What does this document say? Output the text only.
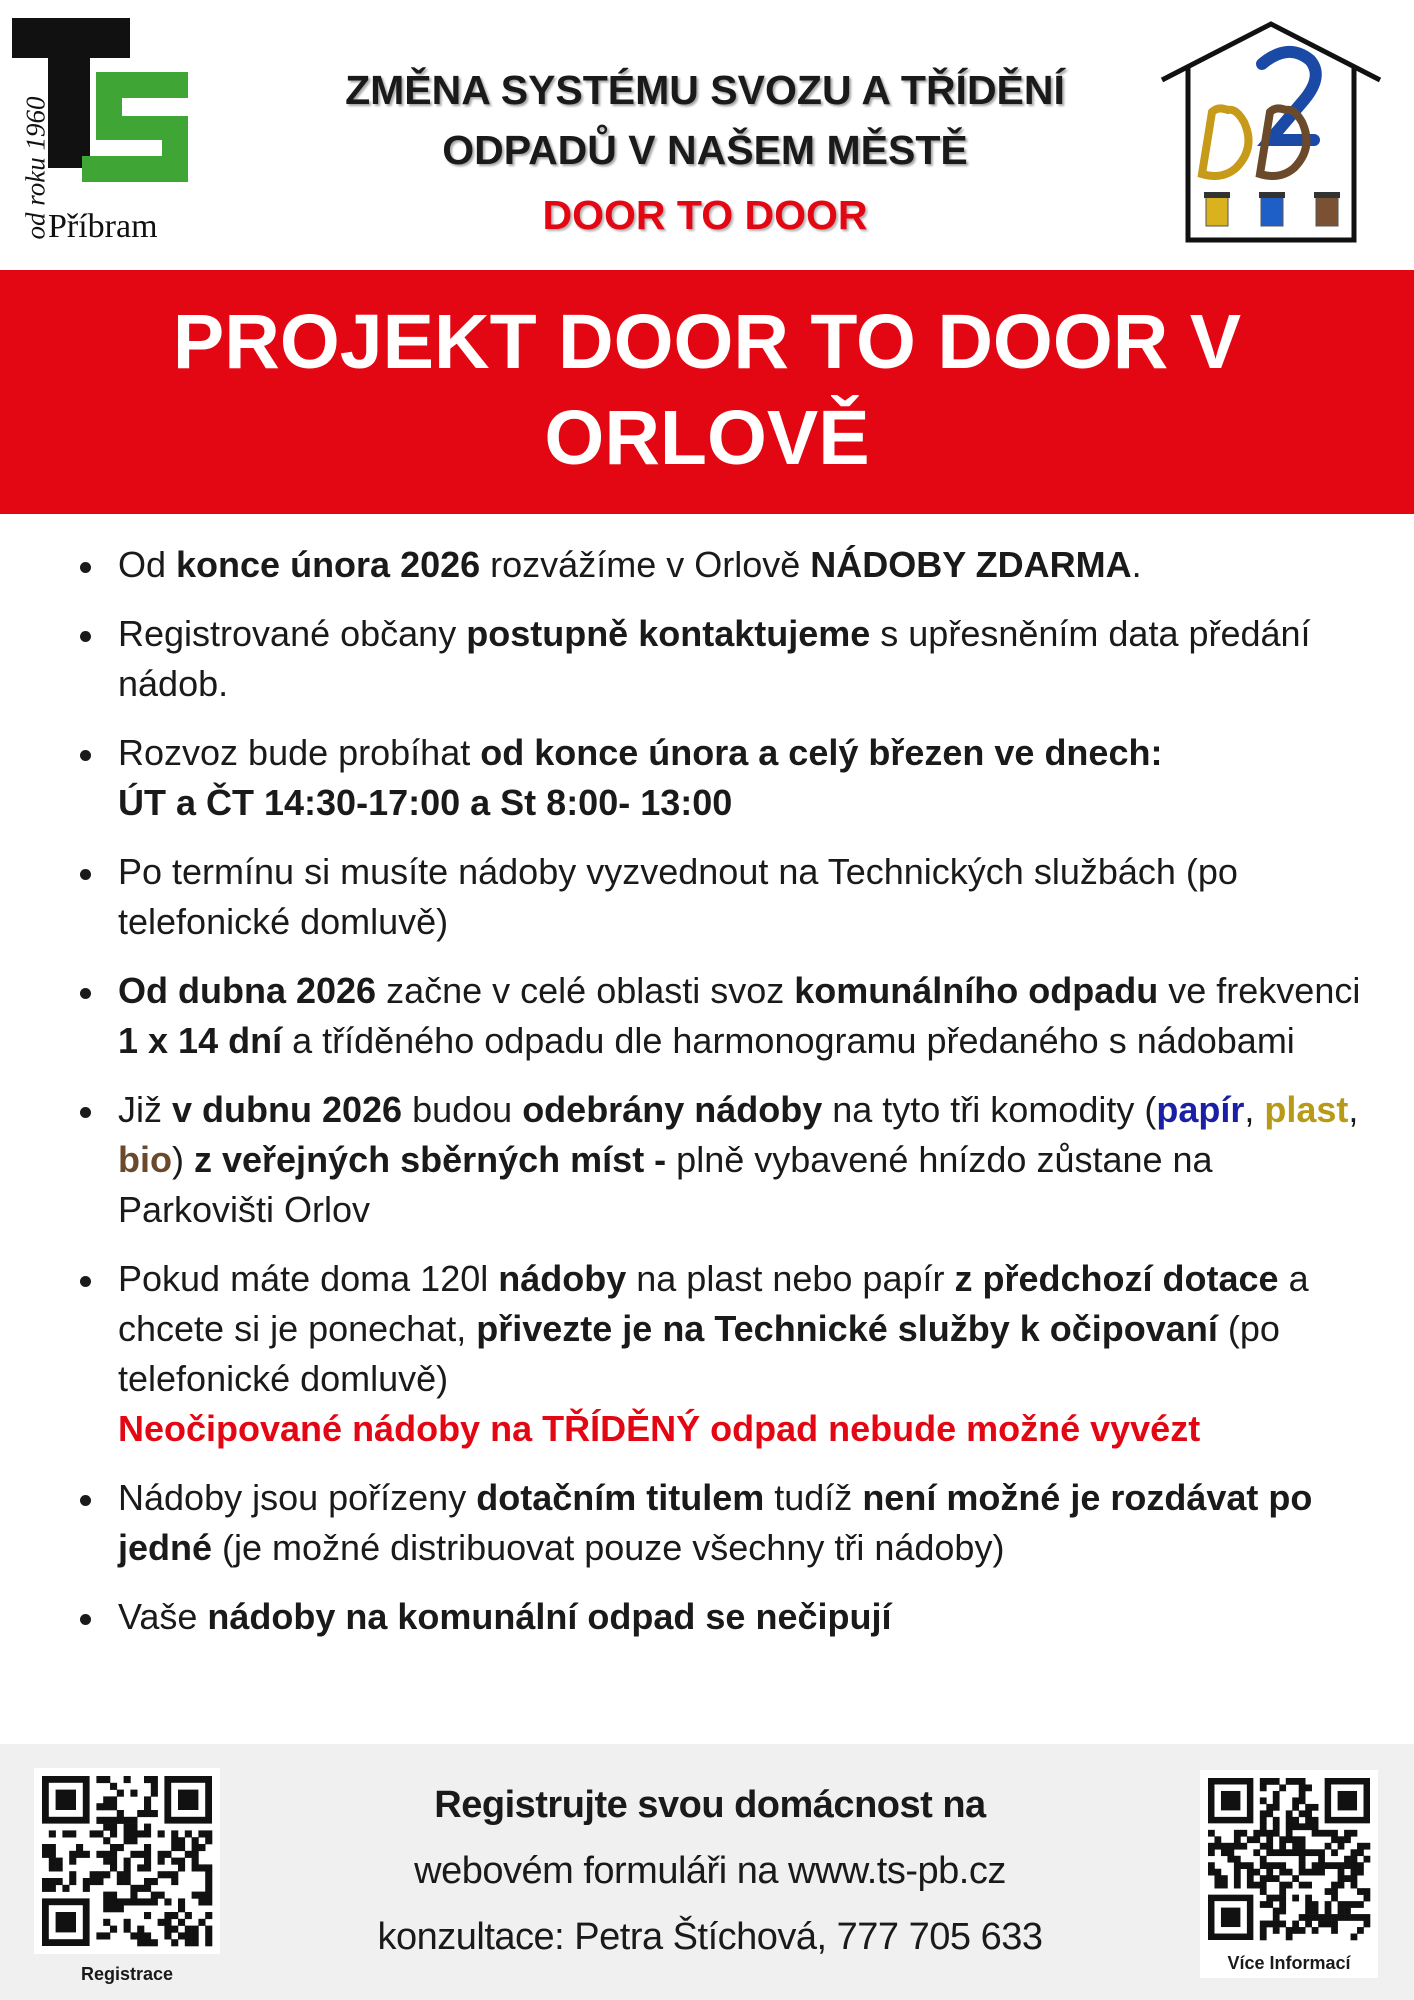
od roku 1960
Příbram
ZMĚNA SYSTÉMU SVOZU A TŘÍDĚNÍ
ODPADŮ V NAŠEM MĚSTĚ
DOOR TO DOOR
PROJEKT DOOR TO DOOR V
ORLOVĚ
Od konce února 2026 rozvážíme v Orlově NÁDOBY ZDARMA.
Registrované občany postupně kontaktujeme s upřesněním data předání nádob.
Rozvoz bude probíhat od konce února a celý březen ve dnech:
ÚT a ČT 14:30-17:00 a St 8:00- 13:00
Po termínu si musíte nádoby vyzvednout na Technických službách (po telefonické domluvě)
Od dubna 2026 začne v celé oblasti svoz komunálního odpadu ve frekvenci 1 x 14 dní a tříděného odpadu dle harmonogramu předaného s nádobami
Již v dubnu 2026 budou odebrány nádoby na tyto tři komodity (papír, plast, bio) z veřejných sběrných míst - plně vybavené hnízdo zůstane na Parkovišti Orlov
Pokud máte doma 120l nádoby na plast nebo papír z předchozí dotace a chcete si je ponechat, přivezte je na Technické služby k očipovaní (po telefonické domluvě)
Neočipované nádoby na TŘÍDĚNÝ odpad nebude možné vyvézt
Nádoby jsou pořízeny dotačním titulem tudíž není možné je rozdávat po jedné (je možné distribuovat pouze všechny tři nádoby)
Vaše nádoby na komunální odpad se nečipují
Registrace
Registrujte svou domácnost na
webovém formuláři na www.ts-pb.cz
konzultace: Petra Štíchová, 777 705 633
Více Informací
